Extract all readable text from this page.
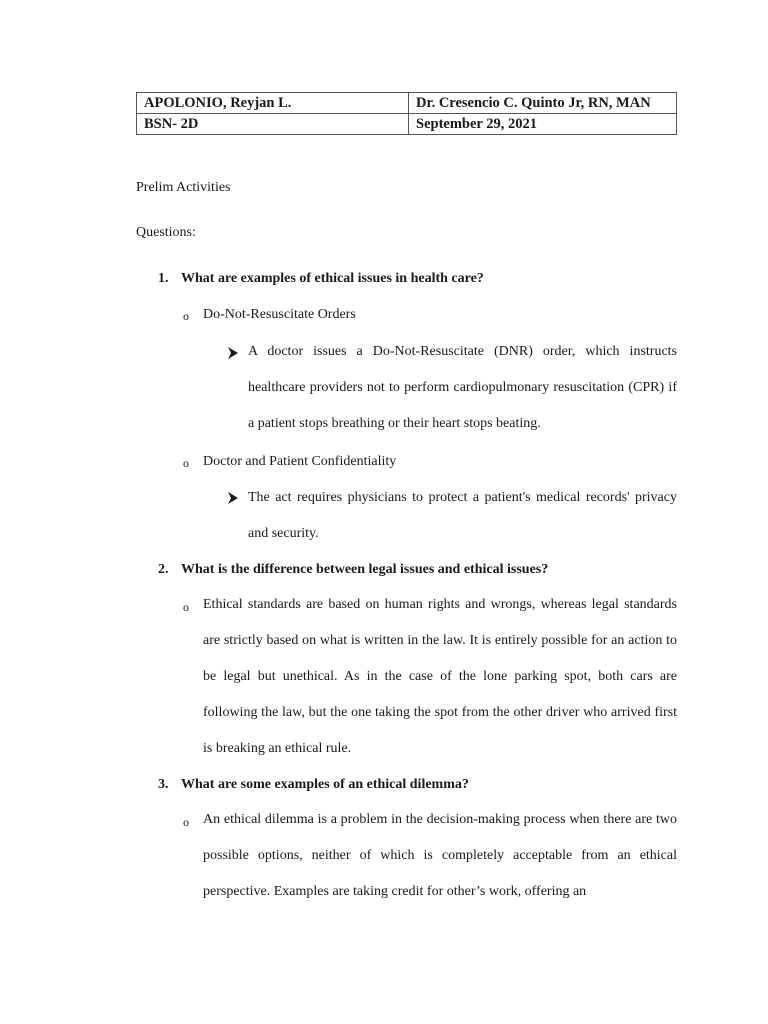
APOLONIO, Reyjan L.	Dr. Cresencio C. Quinto Jr, RN, MAN
BSN- 2D	September 29, 2021
Prelim Activities
Questions:
1. What are examples of ethical issues in health care?
o Do-Not-Resuscitate Orders
A doctor issues a Do-Not-Resuscitate (DNR) order, which instructs healthcare providers not to perform cardiopulmonary resuscitation (CPR) if a patient stops breathing or their heart stops beating.
o Doctor and Patient Confidentiality
The act requires physicians to protect a patient's medical records' privacy and security.
2. What is the difference between legal issues and ethical issues?
o Ethical standards are based on human rights and wrongs, whereas legal standards are strictly based on what is written in the law. It is entirely possible for an action to be legal but unethical. As in the case of the lone parking spot, both cars are following the law, but the one taking the spot from the other driver who arrived first is breaking an ethical rule.
3. What are some examples of an ethical dilemma?
o An ethical dilemma is a problem in the decision-making process when there are two possible options, neither of which is completely acceptable from an ethical perspective. Examples are taking credit for other’s work, offering an
